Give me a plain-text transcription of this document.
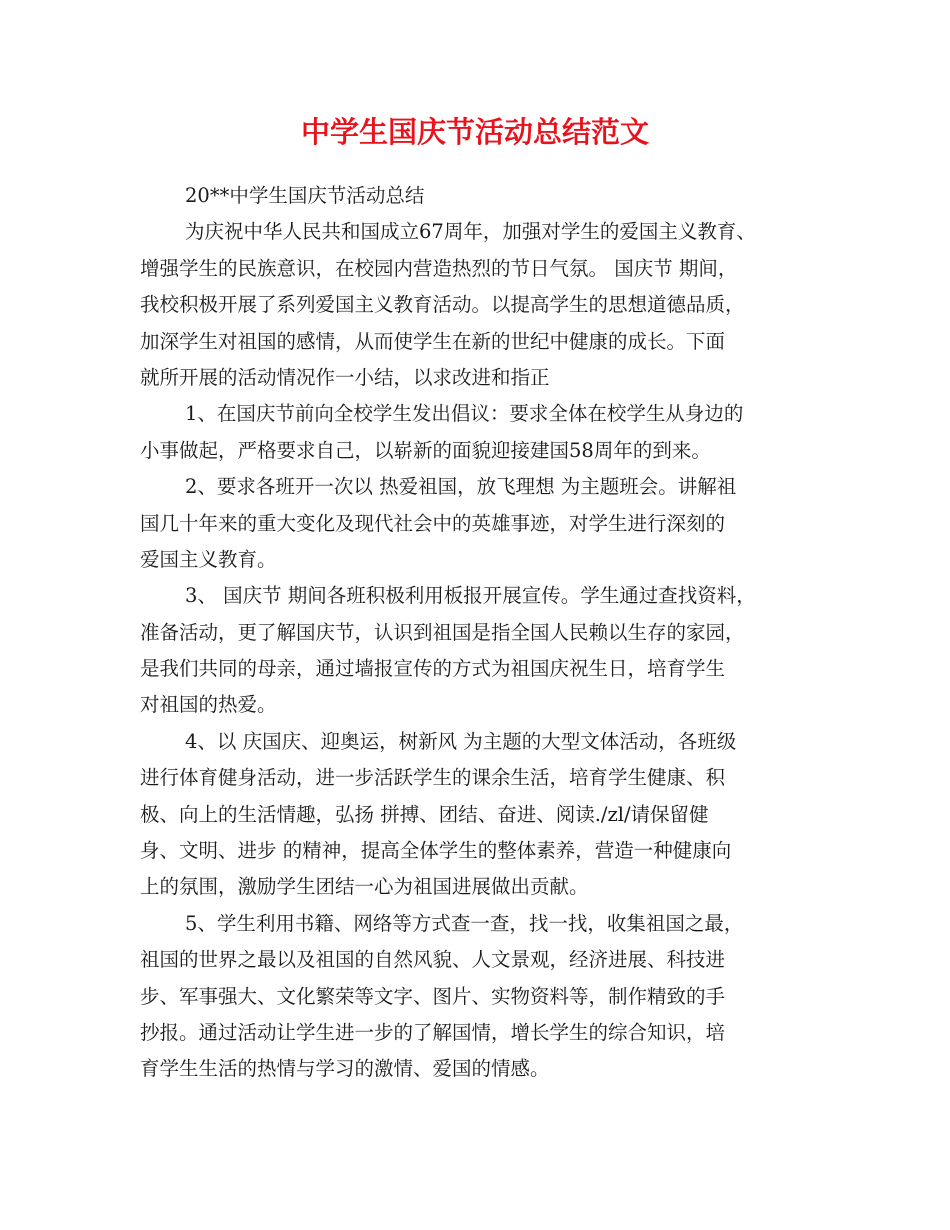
中学生国庆节活动总结范文
20**中学生国庆节活动总结
为庆祝中华人民共和国成立67周年，加强对学生的爱国主义教育、
增强学生的民族意识，在校园内营造热烈的节日气氛。 国庆节 期间，
我校积极开展了系列爱国主义教育活动。以提高学生的思想道德品质，
加深学生对祖国的感情，从而使学生在新的世纪中健康的成长。下面
就所开展的活动情况作一小结，以求改进和指正
1、在国庆节前向全校学生发出倡议：要求全体在校学生从身边的
小事做起，严格要求自己，以崭新的面貌迎接建国58周年的到来。
2、要求各班开一次以 热爱祖国，放飞理想 为主题班会。讲解祖
国几十年来的重大变化及现代社会中的英雄事迹，对学生进行深刻的
爱国主义教育。
3、 国庆节 期间各班积极利用板报开展宣传。学生通过查找资料，
准备活动，更了解国庆节，认识到祖国是指全国人民赖以生存的家园，
是我们共同的母亲，通过墙报宣传的方式为祖国庆祝生日，培育学生
对祖国的热爱。
4、以 庆国庆、迎奥运，树新风 为主题的大型文体活动，各班级
进行体育健身活动，进一步活跃学生的课余生活，培育学生健康、积
极、向上的生活情趣，弘扬 拼搏、团结、奋进、阅读./zl/请保留健
身、文明、进步 的精神，提高全体学生的整体素养，营造一种健康向
上的氛围，激励学生团结一心为祖国进展做出贡献。
5、学生利用书籍、网络等方式查一查，找一找，收集祖国之最，
祖国的世界之最以及祖国的自然风貌、人文景观，经济进展、科技进
步、军事强大、文化繁荣等文字、图片、实物资料等，制作精致的手
抄报。通过活动让学生进一步的了解国情，增长学生的综合知识，培
育学生生活的热情与学习的激情、爱国的情感。
